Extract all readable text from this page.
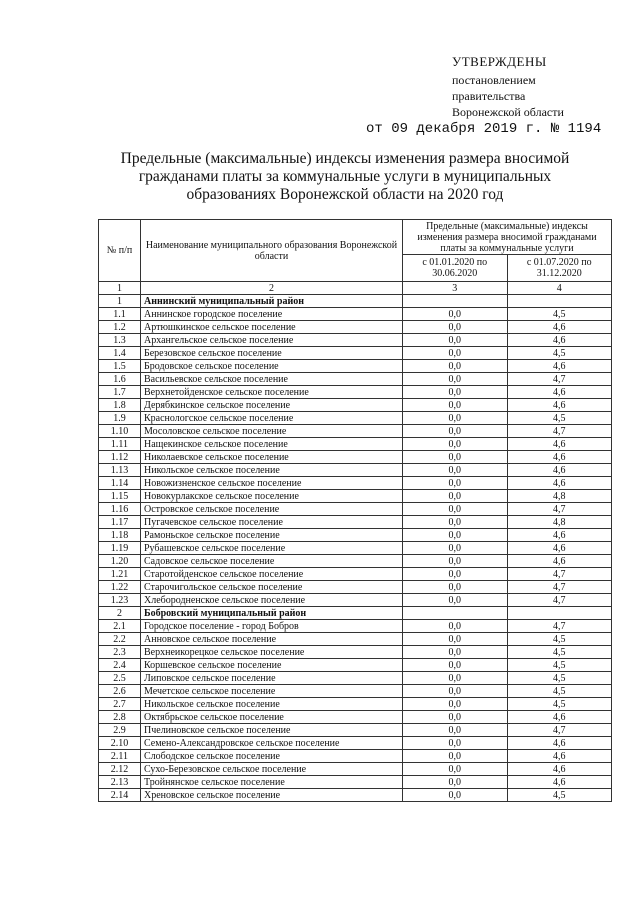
УТВЕРЖДЕНЫ
постановлением
правительства
Воронежской области
от 09 декабря 2019 г. № 1194
Предельные (максимальные) индексы изменения размера вносимой гражданами платы за коммунальные услуги в муниципальных образованиях Воронежской области на 2020 год
№ п/п	Наименование муниципального образования Воронежской области	Предельные (максимальные) индексы изменения размера вносимой гражданами платы за коммунальные услуги	
		с 01.01.2020 по 30.06.2020	с 01.07.2020 по 31.12.2020
1	2	3	4
1	Аннинский муниципальный район		
1.1	Аннинское городское поселение	0,0	4,5
1.2	Артюшкинское сельское поселение	0,0	4,6
1.3	Архангельское сельское поселение	0,0	4,6
1.4	Березовское сельское поселение	0,0	4,5
1.5	Бродовское сельское поселение	0,0	4,6
1.6	Васильевское сельское поселение	0,0	4,7
1.7	Верхнетойденское сельское поселение	0,0	4,6
1.8	Дерябкинское сельское поселение	0,0	4,6
1.9	Краснологское сельское поселение	0,0	4,5
1.10	Мосоловское сельское поселение	0,0	4,7
1.11	Нащекинское сельское поселение	0,0	4,6
1.12	Николаевское сельское поселение	0,0	4,6
1.13	Никольское сельское поселение	0,0	4,6
1.14	Новожизненское сельское поселение	0,0	4,6
1.15	Новокурлакское сельское поселение	0,0	4,8
1.16	Островское сельское поселение	0,0	4,7
1.17	Пугачевское сельское поселение	0,0	4,8
1.18	Рамоньское сельское поселение	0,0	4,6
1.19	Рубашевское сельское поселение	0,0	4,6
1.20	Садовское сельское поселение	0,0	4,6
1.21	Старотойденское сельское поселение	0,0	4,7
1.22	Старочигольское сельское поселение	0,0	4,7
1.23	Хлебородненское сельское поселение	0,0	4,7
2	Бобровский муниципальный район		
2.1	Городское поселение - город Бобров	0,0	4,7
2.2	Анновское сельское поселение	0,0	4,5
2.3	Верхнеикорецкое сельское поселение	0,0	4,5
2.4	Коршевское сельское поселение	0,0	4,5
2.5	Липовское сельское поселение	0,0	4,5
2.6	Мечетское сельское поселение	0,0	4,5
2.7	Никольское сельское поселение	0,0	4,5
2.8	Октябрьское сельское поселение	0,0	4,6
2.9	Пчелиновское сельское поселение	0,0	4,7
2.10	Семено-Александровское сельское поселение	0,0	4,6
2.11	Слободское сельское поселение	0,0	4,6
2.12	Сухо-Березовское сельское поселение	0,0	4,6
2.13	Тройнянское сельское поселение	0,0	4,6
2.14	Хреновское сельское поселение	0,0	4,5
